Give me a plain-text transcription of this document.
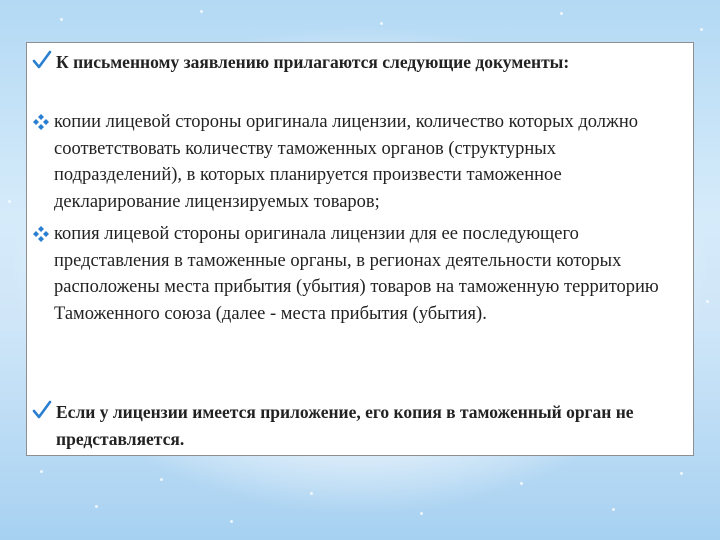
К письменному заявлению прилагаются следующие документы:
копии лицевой стороны оригинала лицензии, количество которых должно соответствовать количеству таможенных органов (структурных подразделений), в которых планируется произвести таможенное декларирование лицензируемых товаров;
копия лицевой стороны оригинала лицензии для ее последующего представления в таможенные органы, в регионах деятельности которых расположены места прибытия (убытия) товаров на таможенную территорию Таможенного союза (далее - места прибытия (убытия).
Если у лицензии имеется приложение, его копия в таможенный орган не представляется.
